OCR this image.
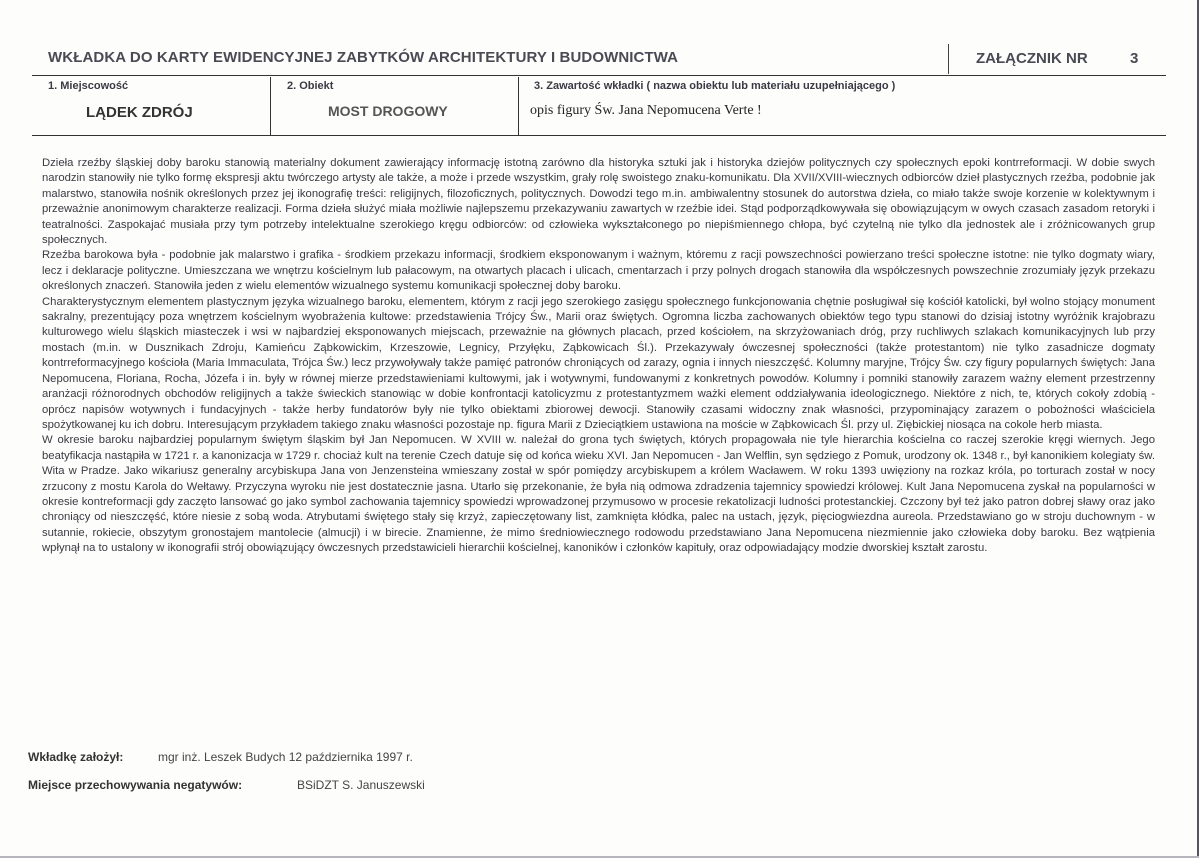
WKŁADKA DO KARTY EWIDENCYJNEJ ZABYTKÓW ARCHITEKTURY I BUDOWNICTWA	ZAŁĄCZNIK NR	3
1. Miejscowość
LĄDEK ZDRÓJ
2. Obiekt
MOST DROGOWY
3. Zawartość wkładki ( nazwa obiektu lub materiału uzupełniającego )
opis figury Św. Jana Nepomucena Verte !

Dzieła rzeźby śląskiej doby baroku stanowią materialny dokument zawierający informację istotną zarówno dla historyka sztuki jak i historyka dziejów politycznych czy społecznych epoki kontrreformacji. W dobie swych narodzin stanowiły nie tylko formę ekspresji aktu twórczego artysty ale także, a może i przede wszystkim, grały rolę swoistego znaku-komunikatu. Dla XVII/XVIII-wiecznych odbiorców dzieł plastycznych rzeźba, podobnie jak malarstwo, stanowiła nośnik określonych przez jej ikonografię treści: religijnych, filozoficznych, politycznych. Dowodzi tego m.in. ambiwalentny stosunek do autorstwa dzieła, co miało także swoje korzenie w kolektywnym i przeważnie anonimowym charakterze realizacji. Forma dzieła służyć miała możliwie najlepszemu przekazywaniu zawartych w rzeźbie idei. Stąd podporządkowywała się obowiązującym w owych czasach zasadom retoryki i teatralności. Zaspokajać musiała przy tym potrzeby intelektualne szerokiego kręgu odbiorców: od człowieka wykształconego po niepiśmiennego chłopa, być czytelną nie tylko dla jednostek ale i zróżnicowanych grup społecznych.

Rzeźba barokowa była - podobnie jak malarstwo i grafika - środkiem przekazu informacji, środkiem eksponowanym i ważnym, któremu z racji powszechności powierzano treści społeczne istotne: nie tylko dogmaty wiary, lecz i deklaracje polityczne. Umieszczana we wnętrzu kościelnym lub pałacowym, na otwartych placach i ulicach, cmentarzach i przy polnych drogach stanowiła dla współczesnych powszechnie zrozumiały język przekazu określonych znaczeń. Stanowiła jeden z wielu elementów wizualnego systemu komunikacji społecznej doby baroku.

Charakterystycznym elementem plastycznym języka wizualnego baroku, elementem, którym z racji jego szerokiego zasięgu społecznego funkcjonowania chętnie posługiwał się kościół katolicki, był wolno stojący monument sakralny, prezentujący poza wnętrzem kościelnym wyobrażenia kultowe: przedstawienia Trójcy Św., Marii oraz świętych. Ogromna liczba zachowanych obiektów tego typu stanowi do dzisiaj istotny wyróżnik krajobrazu kulturowego wielu śląskich miasteczek i wsi w najbardziej eksponowanych miejscach, przeważnie na głównych placach, przed kościołem, na skrzyżowaniach dróg, przy ruchliwych szlakach komunikacyjnych lub przy mostach (m.in. w Dusznikach Zdroju, Kamieńcu Ząbkowickim, Krzeszowie, Legnicy, Przyłęku, Ząbkowicach Śl.). Przekazywały ówczesnej społeczności (także protestantom) nie tylko zasadnicze dogmaty kontrreformacyjnego kościoła (Maria Immaculata, Trójca Św.) lecz przywoływały także pamięć patronów chroniących od zarazy, ognia i innych nieszczęść. Kolumny maryjne, Trójcy Św. czy figury popularnych świętych: Jana Nepomucena, Floriana, Rocha, Józefa i in. były w równej mierze przedstawieniami kultowymi, jak i wotywnymi, fundowanymi z konkretnych powodów. Kolumny i pomniki stanowiły zarazem ważny element przestrzenny aranżacji różnorodnych obchodów religijnych a także świeckich stanowiąc w dobie konfrontacji katolicyzmu z protestantyzmem ważki element oddziaływania ideologicznego. Niektóre z nich, te, których cokoły zdobią - oprócz napisów wotywnych i fundacyjnych - także herby fundatorów były nie tylko obiektami zbiorowej dewocji. Stanowiły czasami widoczny znak własności, przypominający zarazem o pobożności właściciela spożytkowanej ku ich dobru. Interesującym przykładem takiego znaku własności pozostaje np. figura Marii z Dzieciątkiem ustawiona na moście w Ząbkowicach Śl. przy ul. Ziębickiej niosąca na cokole herb miasta.

W okresie baroku najbardziej popularnym świętym śląskim był Jan Nepomucen. W XVIII w. należał do grona tych świętych, których propagowała nie tyle hierarchia kościelna co raczej szerokie kręgi wiernych. Jego beatyfikacja nastąpiła w 1721 r. a kanonizacja w 1729 r. chociaż kult na terenie Czech datuje się od końca wieku XVI. Jan Nepomucen - Jan Welflin, syn sędziego z Pomuk, urodzony ok. 1348 r., był kanonikiem kolegiaty św. Wita w Pradze. Jako wikariusz generalny arcybiskupa Jana von Jenzensteina wmieszany został w spór pomiędzy arcybiskupem a królem Wacławem. W roku 1393 uwięziony na rozkaz króla, po torturach został w nocy zrzucony z mostu Karola do Wełtawy. Przyczyna wyroku nie jest dostatecznie jasna. Utarło się przekonanie, że była nią odmowa zdradzenia tajemnicy spowiedzi królowej. Kult Jana Nepomucena zyskał na popularności w okresie kontreformacji gdy zaczęto lansować go jako symbol zachowania tajemnicy spowiedzi wprowadzonej przymusowo w procesie rekatolizacji ludności protestanckiej. Czczony był też jako patron dobrej sławy oraz jako chroniący od nieszczęść, które niesie z sobą woda. Atrybutami świętego stały się krzyż, zapieczętowany list, zamknięta kłódka, palec na ustach, język, pięciogwiezdna aureola. Przedstawiano go w stroju duchownym - w sutannie, rokiecie, obszytym gronostajem mantolecie (almucji) i w birecie. Znamienne, że mimo średniowiecznego rodowodu przedstawiano Jana Nepomucena niezmiennie jako człowieka doby baroku. Bez wątpienia wpłynął na to ustalony w ikonografii strój obowiązujący ówczesnych przedstawicieli hierarchii kościelnej, kanoników i członków kapituły, oraz odpowiadający modzie dworskiej kształt zarostu.

Wkładkę założył:	mgr inż. Leszek Budych 12 października 1997 r.
Miejsce przechowywania negatywów:	BSiDZT S. Januszewski
